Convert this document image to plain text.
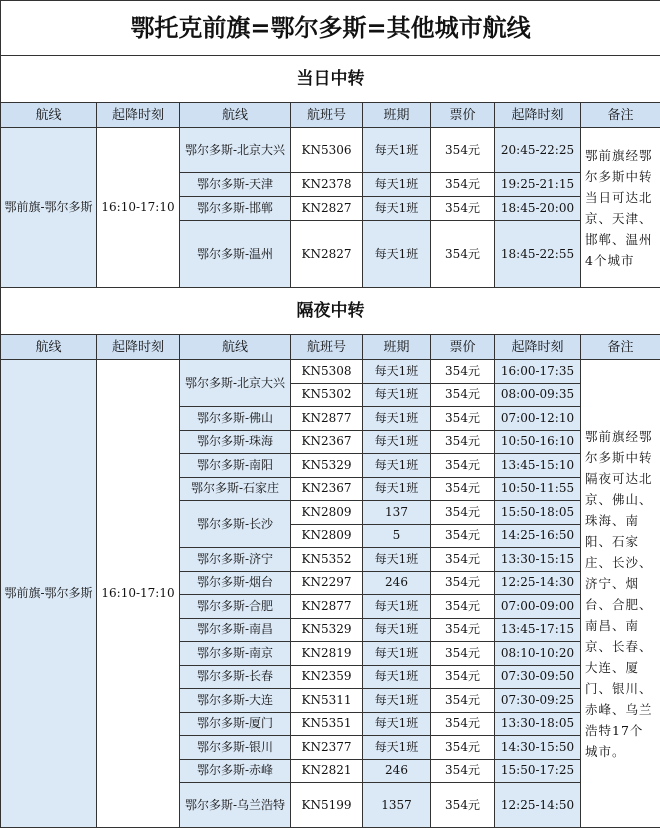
鄂托克前旗=鄂尔多斯=其他城市航线							
当日中转							
航线	起降时刻	航线	航班号	班期	票价	起降时刻	备注
鄂前旗-鄂尔多斯	16:10-17:10	鄂尔多斯-北京大兴	KN5306	每天1班	354元	20:45-22:25	鄂前旗经鄂尔多斯中转当日可达北京、天津、邯郸、温州4个城市
		鄂尔多斯-天津	KN2378	每天1班	354元	19:25-21:15	
		鄂尔多斯-邯郸	KN2827	每天1班	354元	18:45-20:00	
		鄂尔多斯-温州	KN2827	每天1班	354元	18:45-22:55	
隔夜中转							
航线	起降时刻	航线	航班号	班期	票价	起降时刻	备注
鄂前旗-鄂尔多斯	16:10-17:10	鄂尔多斯-北京大兴	KN5308	每天1班	354元	16:00-17:35	鄂前旗经鄂尔多斯中转隔夜可达北京、佛山、珠海、南阳、石家庄、长沙、济宁、烟台、合肥、南昌、南京、长春、大连、厦门、银川、赤峰、乌兰浩特17个城市。
			KN5302	每天1班	354元	08:00-09:35	
		鄂尔多斯-佛山	KN2877	每天1班	354元	07:00-12:10	
		鄂尔多斯-珠海	KN2367	每天1班	354元	10:50-16:10	
		鄂尔多斯-南阳	KN5329	每天1班	354元	13:45-15:10	
		鄂尔多斯-石家庄	KN2367	每天1班	354元	10:50-11:55	
		鄂尔多斯-长沙	KN2809	137	354元	15:50-18:05	
			KN2809	5	354元	14:25-16:50	
		鄂尔多斯-济宁	KN5352	每天1班	354元	13:30-15:15	
		鄂尔多斯-烟台	KN2297	246	354元	12:25-14:30	
		鄂尔多斯-合肥	KN2877	每天1班	354元	07:00-09:00	
		鄂尔多斯-南昌	KN5329	每天1班	354元	13:45-17:15	
		鄂尔多斯-南京	KN2819	每天1班	354元	08:10-10:20	
		鄂尔多斯-长春	KN2359	每天1班	354元	07:30-09:50	
		鄂尔多斯-大连	KN5311	每天1班	354元	07:30-09:25	
		鄂尔多斯-厦门	KN5351	每天1班	354元	13:30-18:05	
		鄂尔多斯-银川	KN2377	每天1班	354元	14:30-15:50	
		鄂尔多斯-赤峰	KN2821	246	354元	15:50-17:25	
		鄂尔多斯-乌兰浩特	KN5199	1357	354元	12:25-14:50	
